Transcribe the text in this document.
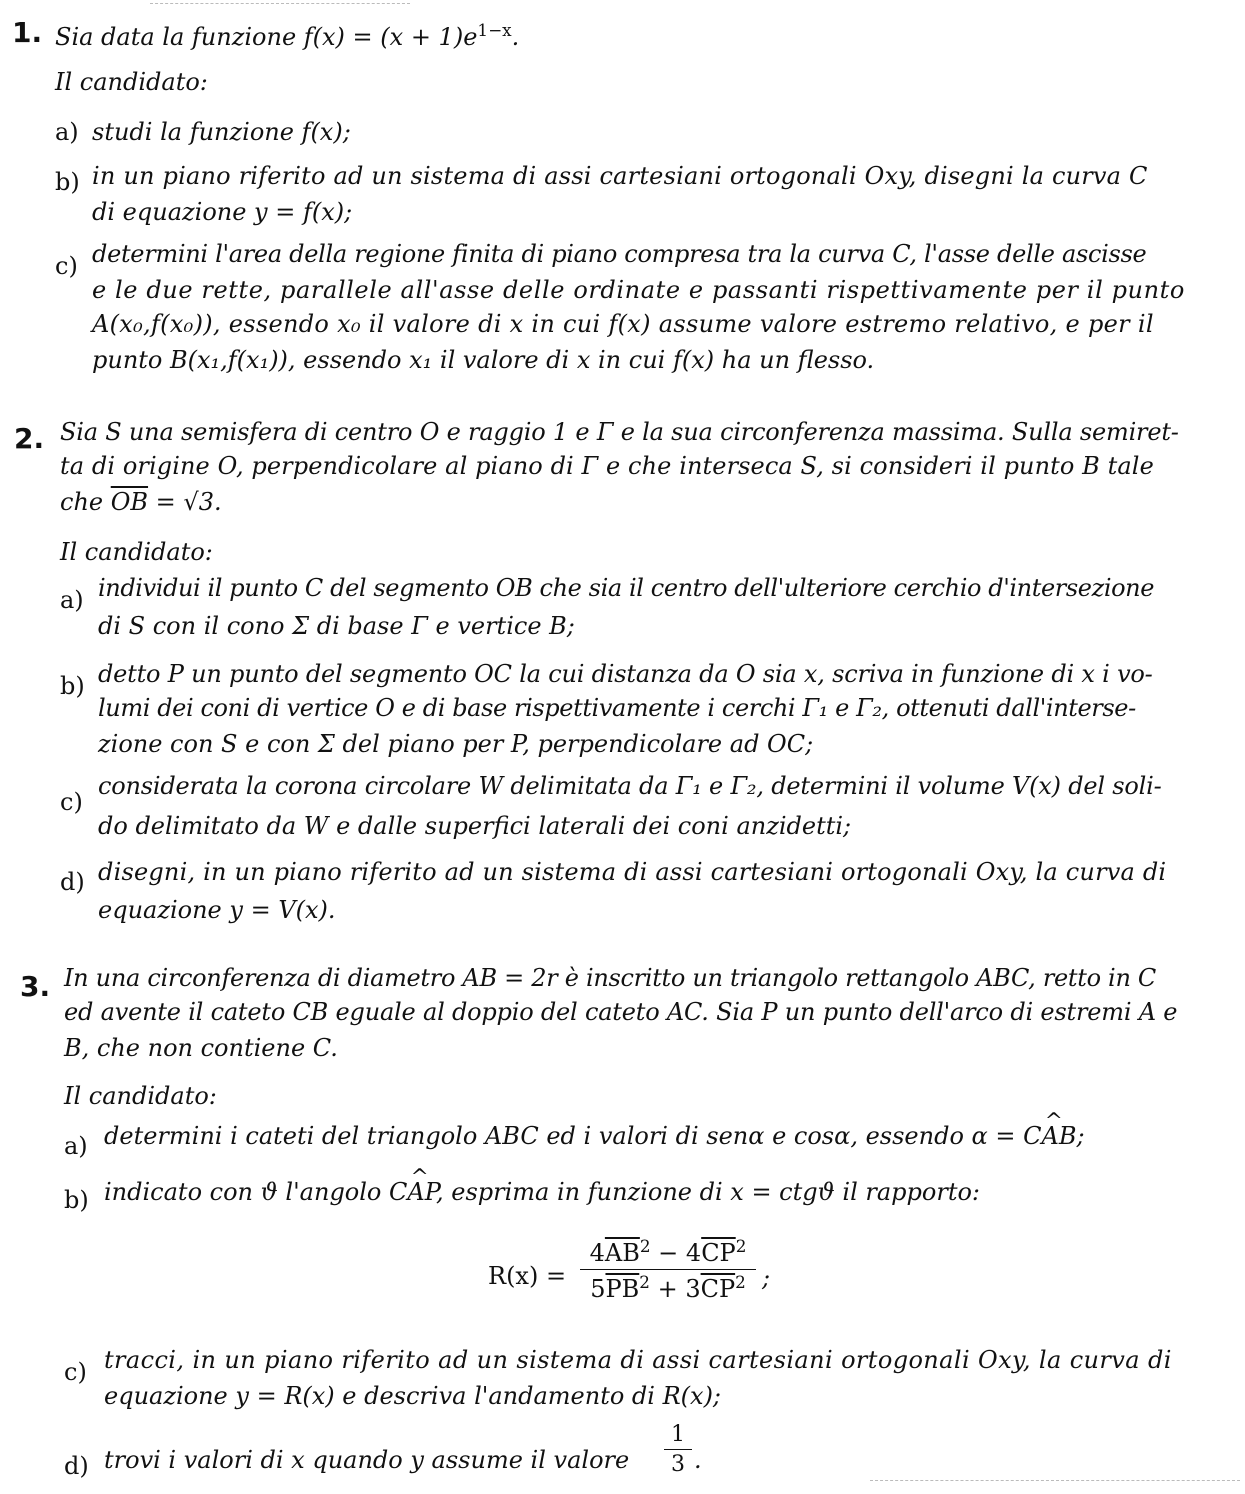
1. Sia data la funzione $f(x) = (x + 1)e^{1-x}$.
Il candidato:
a) studi la funzione f(x);
b) in un piano riferito ad un sistema di assi cartesiani ortogonali Oxy, disegni la curva C
di equazione y = f(x);
c) determini l'area della regione finita di piano compresa tra la curva C, l'asse delle ascisse
e le due rette, parallele all'asse delle ordinate e passanti rispettivamente per il punto
A(x₀,f(x₀)), essendo x₀ il valore di x in cui f(x) assume valore estremo relativo, e per il
punto B(x₁,f(x₁)), essendo x₁ il valore di x in cui f(x) ha un flesso.
2. Sia S una semisfera di centro O e raggio 1 e Γ e la sua circonferenza massima. Sulla semiret-
ta di origine O, perpendicolare al piano di Γ e che interseca S, si consideri il punto B tale
che $\overline{OB} = √3$.
Il candidato:
a) individui il punto C del segmento OB che sia il centro dell'ulteriore cerchio d'intersezione
di S con il cono Σ di base Γ e vertice B;
b) detto P un punto del segmento OC la cui distanza da O sia x, scriva in funzione di x i vo-
lumi dei coni di vertice O e di base rispettivamente i cerchi Γ₁ e Γ₂, ottenuti dall'interse-
zione con S e con Σ del piano per P, perpendicolare ad OC;
c)
considerata la corona circolare W delimitata da Γ₁ e Γ₂, determini il volume V(x) del soli-
do delimitato da W e dalle superfici laterali dei coni anzidetti;
d) disegni, in un piano riferito ad un sistema di assi cartesiani ortogonali Oxy, la curva di
equazione y = V(x).
3. In una circonferenza di diametro AB = 2r è inscritto un triangolo rettangolo ABC, retto in C
ed avente il cateto CB eguale al doppio del cateto AC. Sia P un punto dell'arco di estremi A e
B, che non contiene C.
Il candidato:
a) determini i cateti del triangolo ABC ed i valori di senα e cosα, essendo α = C^ AB;
b) indicato con ϑ l'angolo C^ AP, esprima in funzione di x = ctgϑ il rapporto:
R(x) =
$4\overline{AB}^2 - 4\overline{CP}^2$
$5\overline{PB}^2 + 3\overline{CP}^2$ ;
c) tracci, in un piano riferito ad un sistema di assi cartesiani ortogonali Oxy, la curva di
equazione y = R(x) e descriva l'andamento di R(x);
d) trovi i valori di x quando y assume il valore
1
3 .
